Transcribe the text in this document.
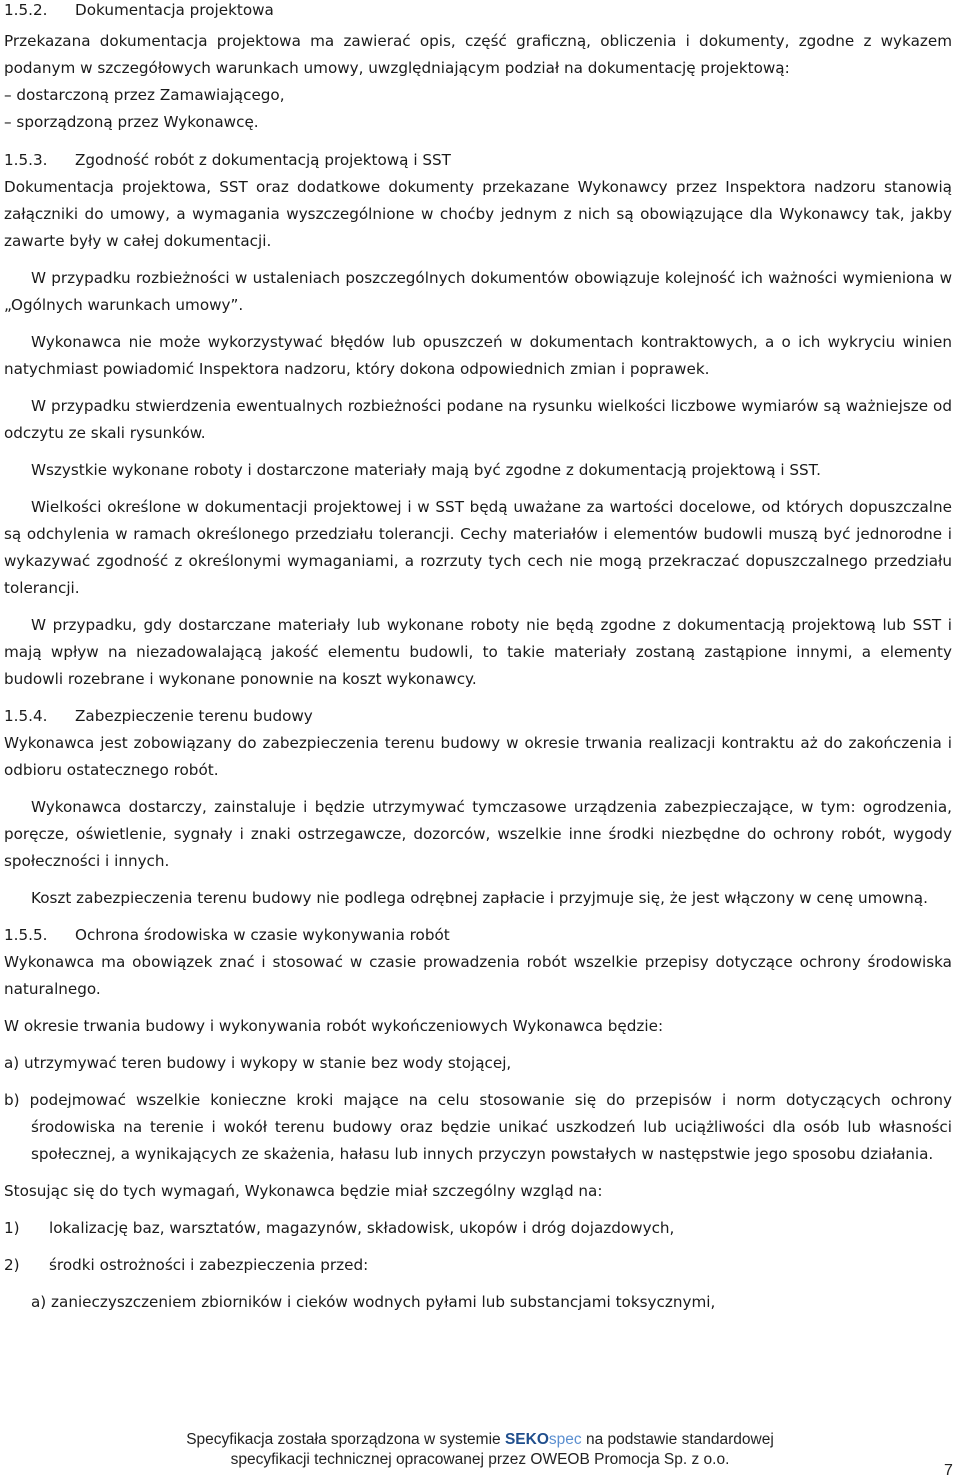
1.5.2. Dokumentacja projektowa

Przekazana dokumentacja projektowa ma zawierać opis, część graficzną, obliczenia i dokumenty, zgodne z wykazem podanym w szczegółowych warunkach umowy, uwzględniającym podział na dokumentację projektową:

– dostarczoną przez Zamawiającego,
– sporządzoną przez Wykonawcę.
1.5.3. Zgodność robót z dokumentacją projektową i SST

Dokumentacja projektowa, SST oraz dodatkowe dokumenty przekazane Wykonawcy przez Inspektora nadzoru stanowią załączniki do umowy, a wymagania wyszczególnione w choćby jednym z nich są obowiązujące dla Wykonawcy tak, jakby zawarte były w całej dokumentacji.

W przypadku rozbieżności w ustaleniach poszczególnych dokumentów obowiązuje kolejność ich ważności wymieniona w „Ogólnych warunkach umowy”.

Wykonawca nie może wykorzystywać błędów lub opuszczeń w dokumentach kontraktowych, a o ich wykryciu winien natychmiast powiadomić Inspektora nadzoru, który dokona odpowiednich zmian i poprawek.

W przypadku stwierdzenia ewentualnych rozbieżności podane na rysunku wielkości liczbowe wymiarów są ważniejsze od odczytu ze skali rysunków.

Wszystkie wykonane roboty i dostarczone materiały mają być zgodne z dokumentacją projektową i SST.

Wielkości określone w dokumentacji projektowej i w SST będą uważane za wartości docelowe, od których dopuszczalne są odchylenia w ramach określonego przedziału tolerancji. Cechy materiałów i elementów budowli muszą być jednorodne i wykazywać zgodność z określonymi wymaganiami, a rozrzuty tych cech nie mogą przekraczać dopuszczalnego przedziału tolerancji.

W przypadku, gdy dostarczane materiały lub wykonane roboty nie będą zgodne z dokumentacją projektową lub SST i mają wpływ na niezadowalającą jakość elementu budowli, to takie materiały zostaną zastąpione innymi, a elementy budowli rozebrane i wykonane ponownie na koszt wykonawcy.

1.5.4. Zabezpieczenie terenu budowy

Wykonawca jest zobowiązany do zabezpieczenia terenu budowy w okresie trwania realizacji kontraktu aż do zakończenia i odbioru ostatecznego robót.

Wykonawca dostarczy, zainstaluje i będzie utrzymywać tymczasowe urządzenia zabezpieczające, w tym: ogrodzenia, poręcze, oświetlenie, sygnały i znaki ostrzegawcze, dozorców, wszelkie inne środki niezbędne do ochrony robót, wygody społeczności i innych.

Koszt zabezpieczenia terenu budowy nie podlega odrębnej zapłacie i przyjmuje się, że jest włączony w cenę umowną.

1.5.5. Ochrona środowiska w czasie wykonywania robót

Wykonawca ma obowiązek znać i stosować w czasie prowadzenia robót wszelkie przepisy dotyczące ochrony środowiska naturalnego.

W okresie trwania budowy i wykonywania robót wykończeniowych Wykonawca będzie:

a) utrzymywać teren budowy i wykopy w stanie bez wody stojącej,

b) podejmować wszelkie konieczne kroki mające na celu stosowanie się do przepisów i norm dotyczących ochrony środowiska na terenie i wokół terenu budowy oraz będzie unikać uszkodzeń lub uciążliwości dla osób lub własności społecznej, a wynikających ze skażenia, hałasu lub innych przyczyn powstałych w następstwie jego sposobu działania.

Stosując się do tych wymagań, Wykonawca będzie miał szczególny wzgląd na:

1) lokalizację baz, warsztatów, magazynów, składowisk, ukopów i dróg dojazdowych,
2) środki ostrożności i zabezpieczenia przed:
a) zanieczyszczeniem zbiorników i cieków wodnych pyłami lub substancjami toksycznymi,
Specyfikacja została sporządzona w systemie SEKOspec na podstawie standardowej
specyfikacji technicznej opracowanej przez OWEOB Promocja Sp. z o.o.
7
